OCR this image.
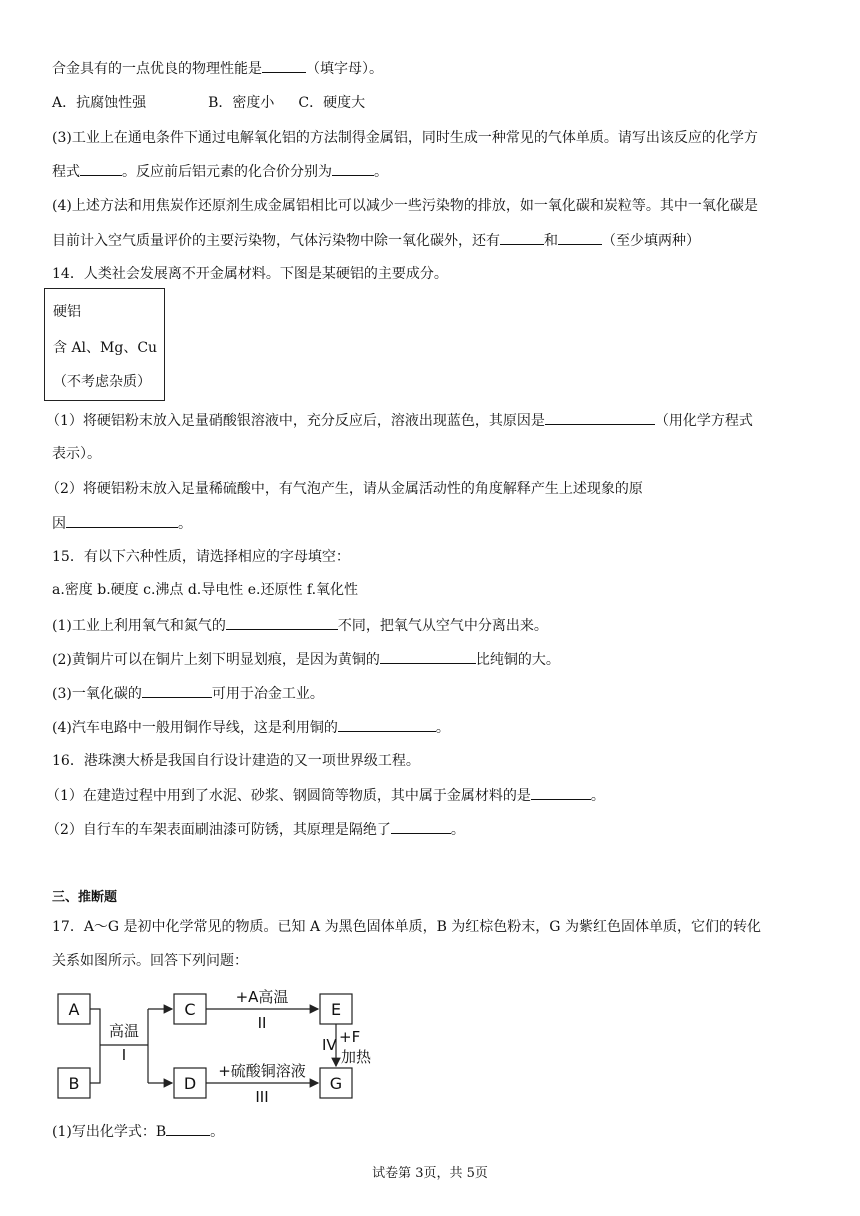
合金具有的一点优良的物理性能是	（填字母）。
A．抗腐蚀性强	B．密度小 C．硬度大
(3)工业上在通电条件下通过电解氧化铝的方法制得金属铝，同时生成一种常见的气体单质。请写出该反应的化学方
程式	。反应前后铝元素的化合价分别为	。
(4)上述方法和用焦炭作还原剂生成金属铝相比可以减少一些污染物的排放，如一氧化碳和炭粒等。其中一氧化碳是
目前计入空气质量评价的主要污染物，气体污染物中除一氧化碳外，还有	和	（至少填两种）
14．人类社会发展离不开金属材料。下图是某硬铝的主要成分。
硬铝
含 Al、Mg、Cu
（不考虑杂质）
（1）将硬铝粉末放入足量硝酸银溶液中，充分反应后，溶液出现蓝色，其原因是	（用化学方程式
表示）。
（2）将硬铝粉末放入足量稀硫酸中，有气泡产生，请从金属活动性的角度解释产生上述现象的原
因	。
15．有以下六种性质，请选择相应的字母填空：
a.密度 b.硬度 c.沸点 d.导电性 e.还原性 f.氧化性
(1)工业上利用氧气和氮气的	不同，把氧气从空气中分离出来。
(2)黄铜片可以在铜片上刻下明显划痕，是因为黄铜的	比纯铜的大。
(3)一氧化碳的	可用于冶金工业。
(4)汽车电路中一般用铜作导线，这是利用铜的	。
16．港珠澳大桥是我国自行设计建造的又一项世界级工程。
（1）在建造过程中用到了水泥、砂浆、钢圆筒等物质，其中属于金属材料的是	。
（2）自行车的车架表面刷油漆可防锈，其原理是隔绝了	。
三、推断题
17．A～G 是初中化学常见的物质。已知 A 为黑色固体单质，B 为红棕色粉末，G 为紫红色固体单质，它们的转化
关系如图所示。回答下列问题：
A
B
C
D
E
G
高温
I
+A高温
II
+硫酸铜溶液
III
IV +F
加热
(1)写出化学式：B	。
试卷第 3页，共 5页
